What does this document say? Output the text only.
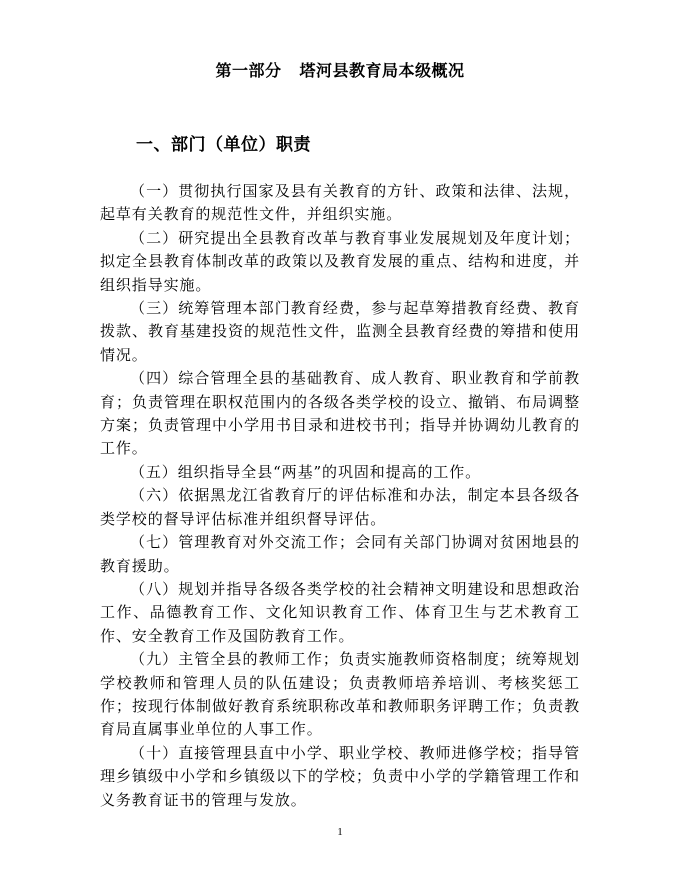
第一部分 塔河县教育局本级概况
一、部门（单位）职责

（一）贯彻执行国家及县有关教育的方针、政策和法律、法规，起草有关教育的规范性文件，并组织实施。

（二）研究提出全县教育改革与教育事业发展规划及年度计划；拟定全县教育体制改革的政策以及教育发展的重点、结构和进度，并组织指导实施。

（三）统筹管理本部门教育经费，参与起草筹措教育经费、教育拨款、教育基建投资的规范性文件，监测全县教育经费的筹措和使用情况。

（四）综合管理全县的基础教育、成人教育、职业教育和学前教育；负责管理在职权范围内的各级各类学校的设立、撤销、布局调整方案；负责管理中小学用书目录和进校书刊；指导并协调幼儿教育的工作。

（五）组织指导全县“两基”的巩固和提高的工作。

（六）依据黑龙江省教育厅的评估标准和办法，制定本县各级各类学校的督导评估标准并组织督导评估。

（七）管理教育对外交流工作；会同有关部门协调对贫困地县的教育援助。

（八）规划并指导各级各类学校的社会精神文明建设和思想政治工作、品德教育工作、文化知识教育工作、体育卫生与艺术教育工作、安全教育工作及国防教育工作。

（九）主管全县的教师工作；负责实施教师资格制度；统筹规划学校教师和管理人员的队伍建设；负责教师培养培训、考核奖惩工作；按现行体制做好教育系统职称改革和教师职务评聘工作；负责教育局直属事业单位的人事工作。

（十）直接管理县直中小学、职业学校、教师进修学校；指导管理乡镇级中小学和乡镇级以下的学校；负责中小学的学籍管理工作和义务教育证书的管理与发放。

1
